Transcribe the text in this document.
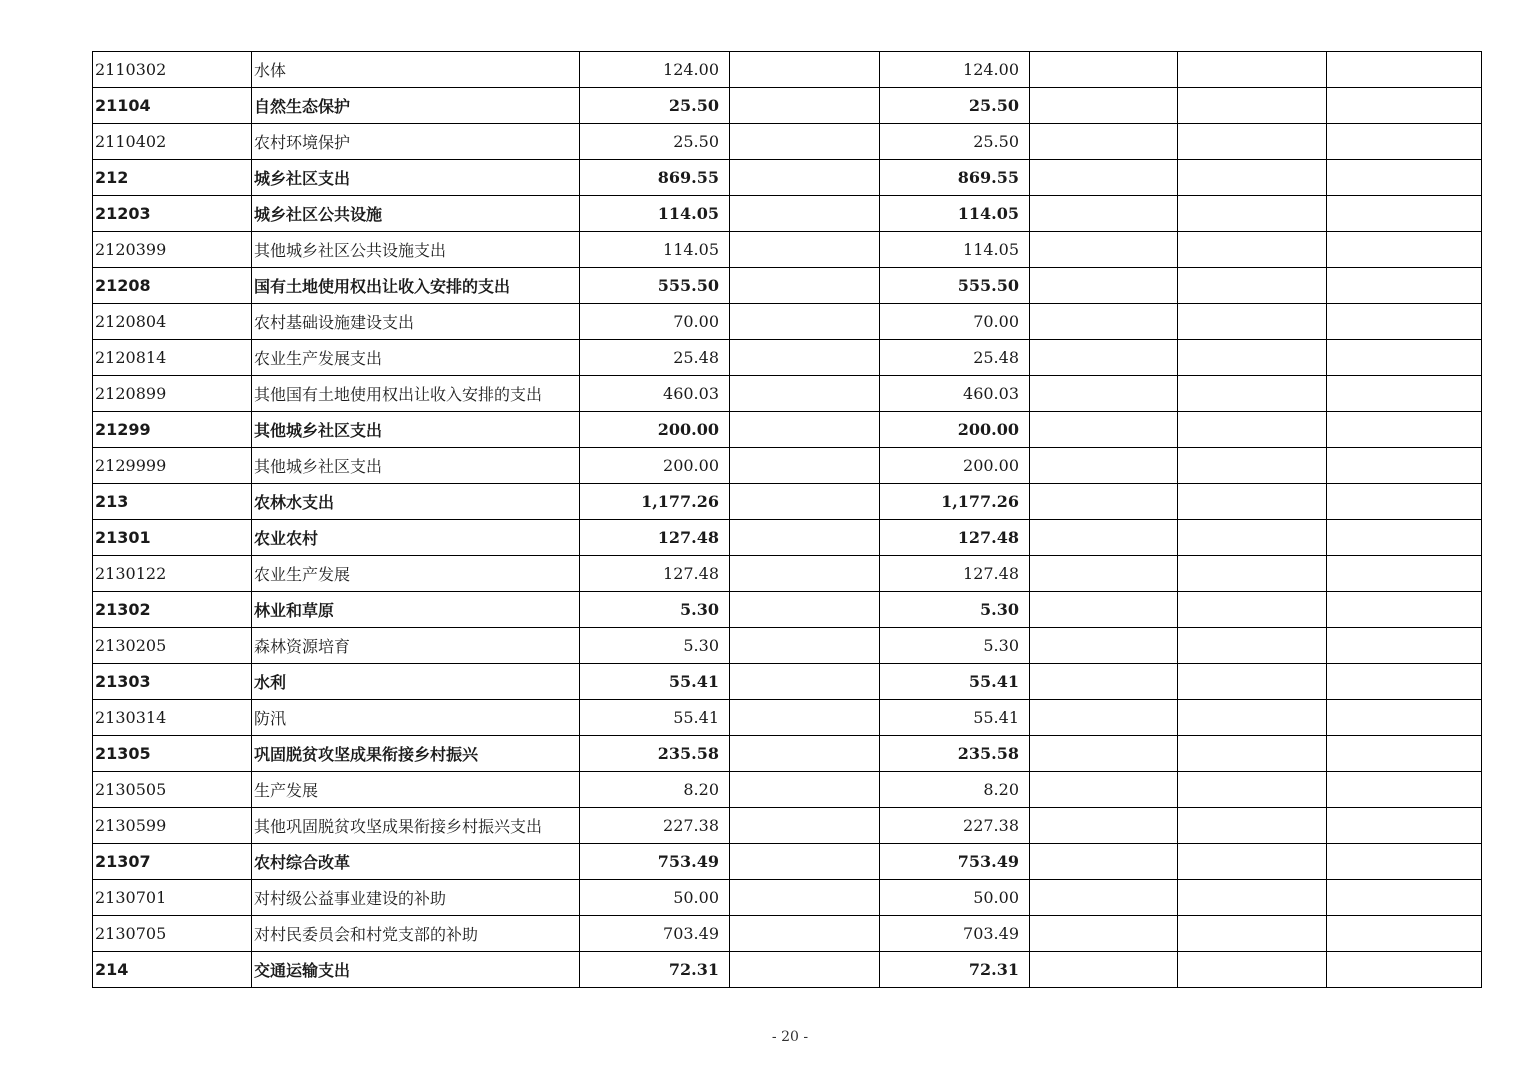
2110302	水体	124.00		124.00			
21104	自然生态保护	25.50		25.50			
2110402	农村环境保护	25.50		25.50			
212	城乡社区支出	869.55		869.55			
21203	城乡社区公共设施	114.05		114.05			
2120399	其他城乡社区公共设施支出	114.05		114.05			
21208	国有土地使用权出让收入安排的支出	555.50		555.50			
2120804	农村基础设施建设支出	70.00		70.00			
2120814	农业生产发展支出	25.48		25.48			
2120899	其他国有土地使用权出让收入安排的支出	460.03		460.03			
21299	其他城乡社区支出	200.00		200.00			
2129999	其他城乡社区支出	200.00		200.00			
213	农林水支出	1,177.26		1,177.26			
21301	农业农村	127.48		127.48			
2130122	农业生产发展	127.48		127.48			
21302	林业和草原	5.30		5.30			
2130205	森林资源培育	5.30		5.30			
21303	水利	55.41		55.41			
2130314	防汛	55.41		55.41			
21305	巩固脱贫攻坚成果衔接乡村振兴	235.58		235.58			
2130505	生产发展	8.20		8.20			
2130599	其他巩固脱贫攻坚成果衔接乡村振兴支出	227.38		227.38			
21307	农村综合改革	753.49		753.49			
2130701	对村级公益事业建设的补助	50.00		50.00			
2130705	对村民委员会和村党支部的补助	703.49		703.49			
214	交通运输支出	72.31		72.31			
- 20 -
